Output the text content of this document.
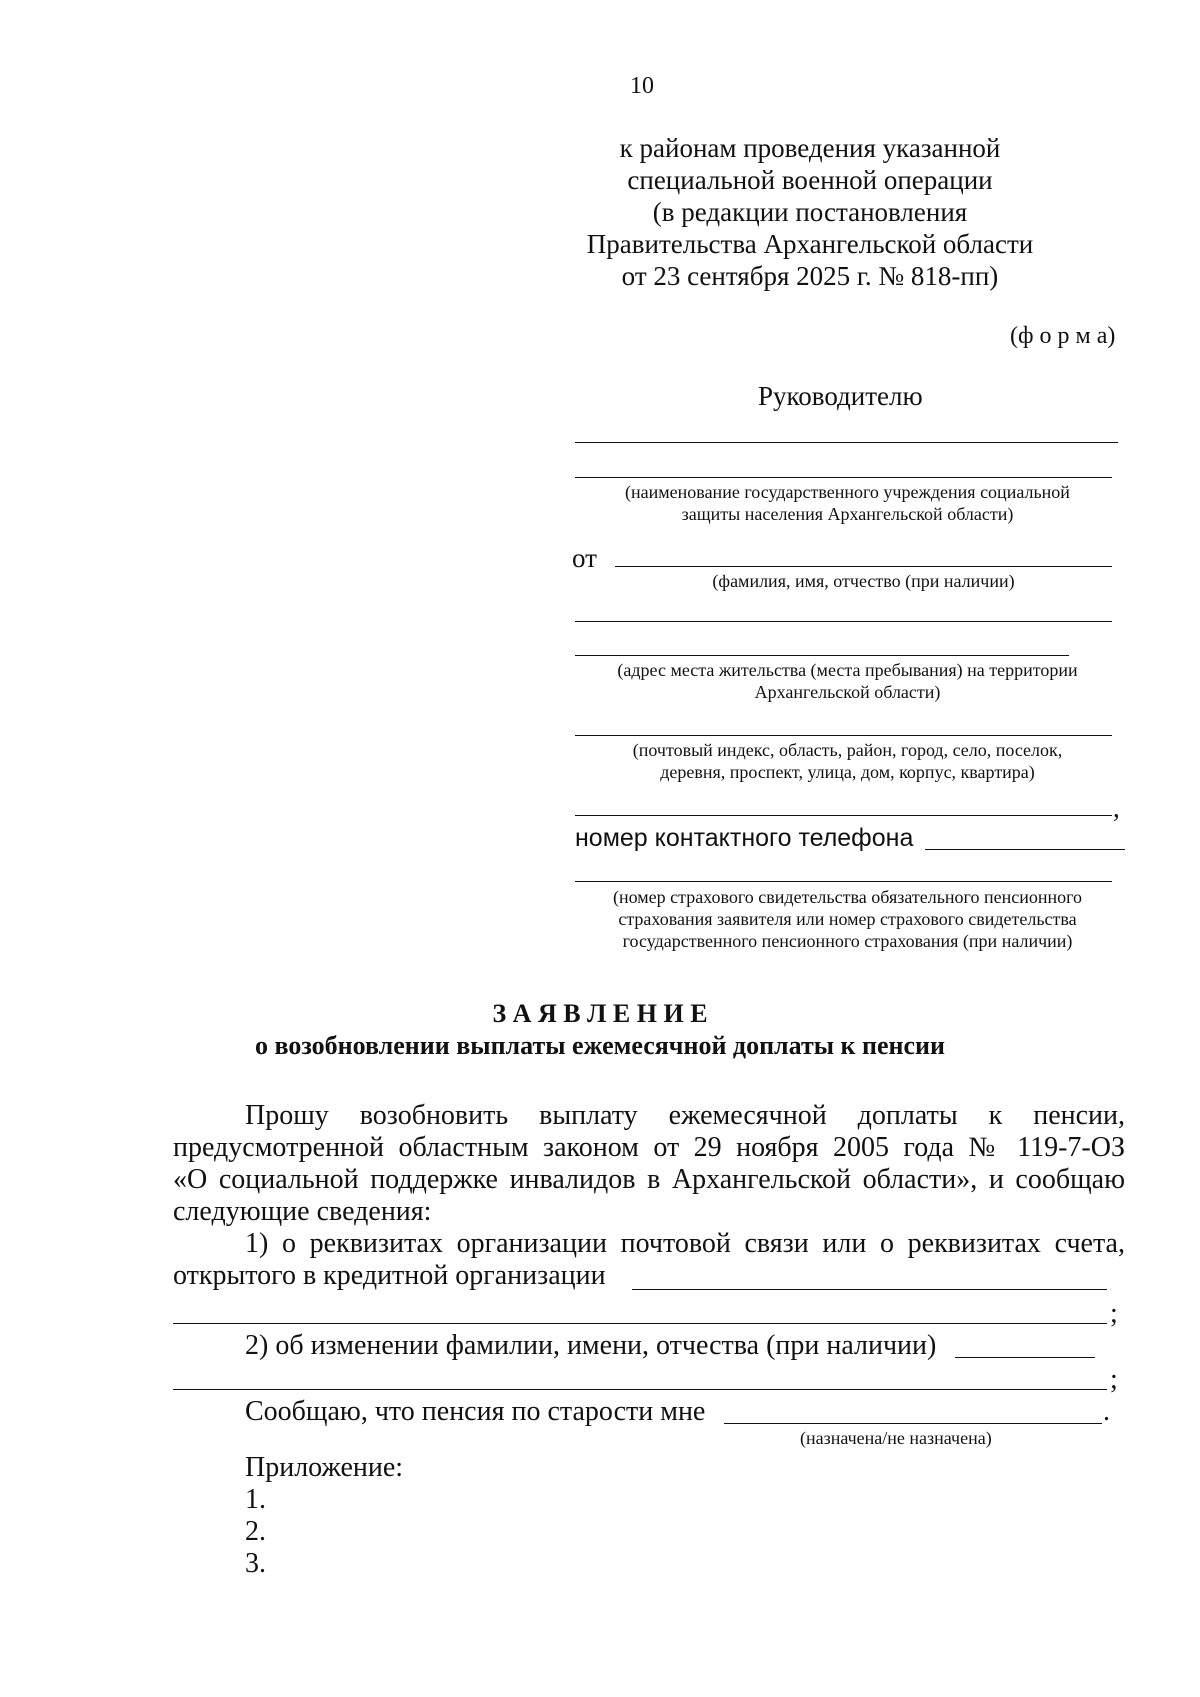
10
к районам проведения указанной
специальной военной операции
(в редакции постановления
Правительства Архангельской области
от 23 сентября 2025 г. № 818-пп)
(ф о р м а)
Руководителю
(наименование государственного учреждения социальной
защиты населения Архангельской области)
от
(фамилия, имя, отчество (при наличии)
(адрес места жительства (места пребывания) на территории
Архангельской области)
(почтовый индекс, область, район, город, село, поселок,
деревня, проспект, улица, дом, корпус, квартира)
,
номер контактного телефона
(номер страхового свидетельства обязательного пенсионного
страхования заявителя или номер страхового свидетельства
государственного пенсионного страхования (при наличии)
З А Я В Л Е Н И Е
о возобновлении выплаты ежемесячной доплаты к пенсии
Прошу возобновить выплату ежемесячной доплаты к пенсии,
предусмотренной областным законом от 29 ноября 2005 года № 119-7-ОЗ
«О социальной поддержке инвалидов в Архангельской области», и сообщаю
следующие сведения:
1) о реквизитах организации почтовой связи или о реквизитах счета,
открытого в кредитной организации
;
2) об изменении фамилии, имени, отчества (при наличии)
;
Сообщаю, что пенсия по старости мне	.
(назначена/не назначена)
Приложение:
1.
2.
3.
